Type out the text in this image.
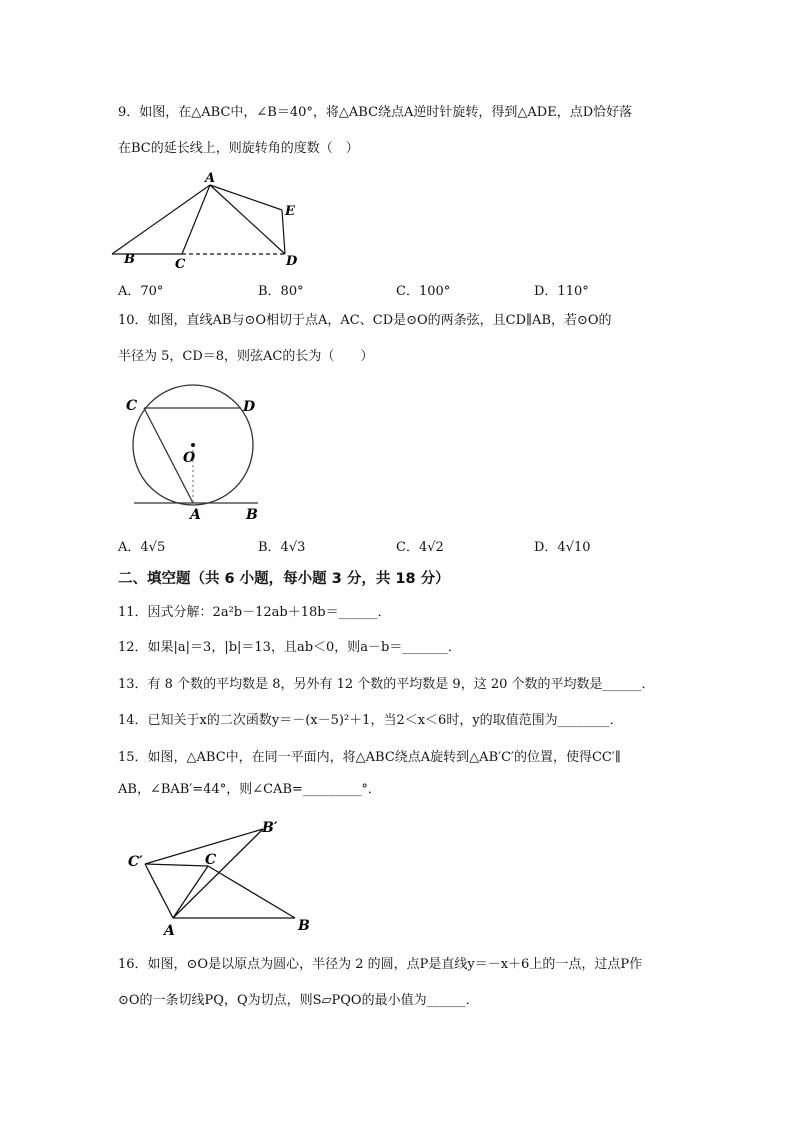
9．如图，在△ABC中，∠B＝40°，将△ABC绕点A逆时针旋转，得到△ADE，点D恰好落
在BC的延长线上，则旋转角的度数（　）
A
B	C	D
E
A．70°	B．80°	C．100°	D．110°
10．如图，直线AB与⊙O相切于点A，AC、CD是⊙O的两条弦，且CD∥AB，若⊙O的
半径为 5，CD＝8，则弦AC的长为（　　）
C	D
O
A	B
A．4√5	B．4√3	C．4√2	D．4√10
二、填空题（共 6 小题，每小题 3 分，共 18 分）
11．因式分解：2a²b－12ab＋18b＝______．
12．如果|a|＝3，|b|＝13，且ab＜0，则a－b＝_______．
13．有 8 个数的平均数是 8，另外有 12 个数的平均数是 9，这 20 个数的平均数是______．
14．已知关于x的二次函数y＝－(x－5)²＋1，当2＜x＜6时，y的取值范围为________．
15．如图，△ABC中，在同一平面内，将△ABC绕点A旋转到△AB′C′的位置，使得CC′∥
AB，∠BAB′=44°，则∠CAB=_________°．
B′
C′	C
A	B
16．如图，⊙O是以原点为圆心，半径为 2 的圆，点P是直线y＝－x＋6上的一点，过点P作
⊙O的一条切线PQ，Q为切点，则S▱PQO的最小值为______．
